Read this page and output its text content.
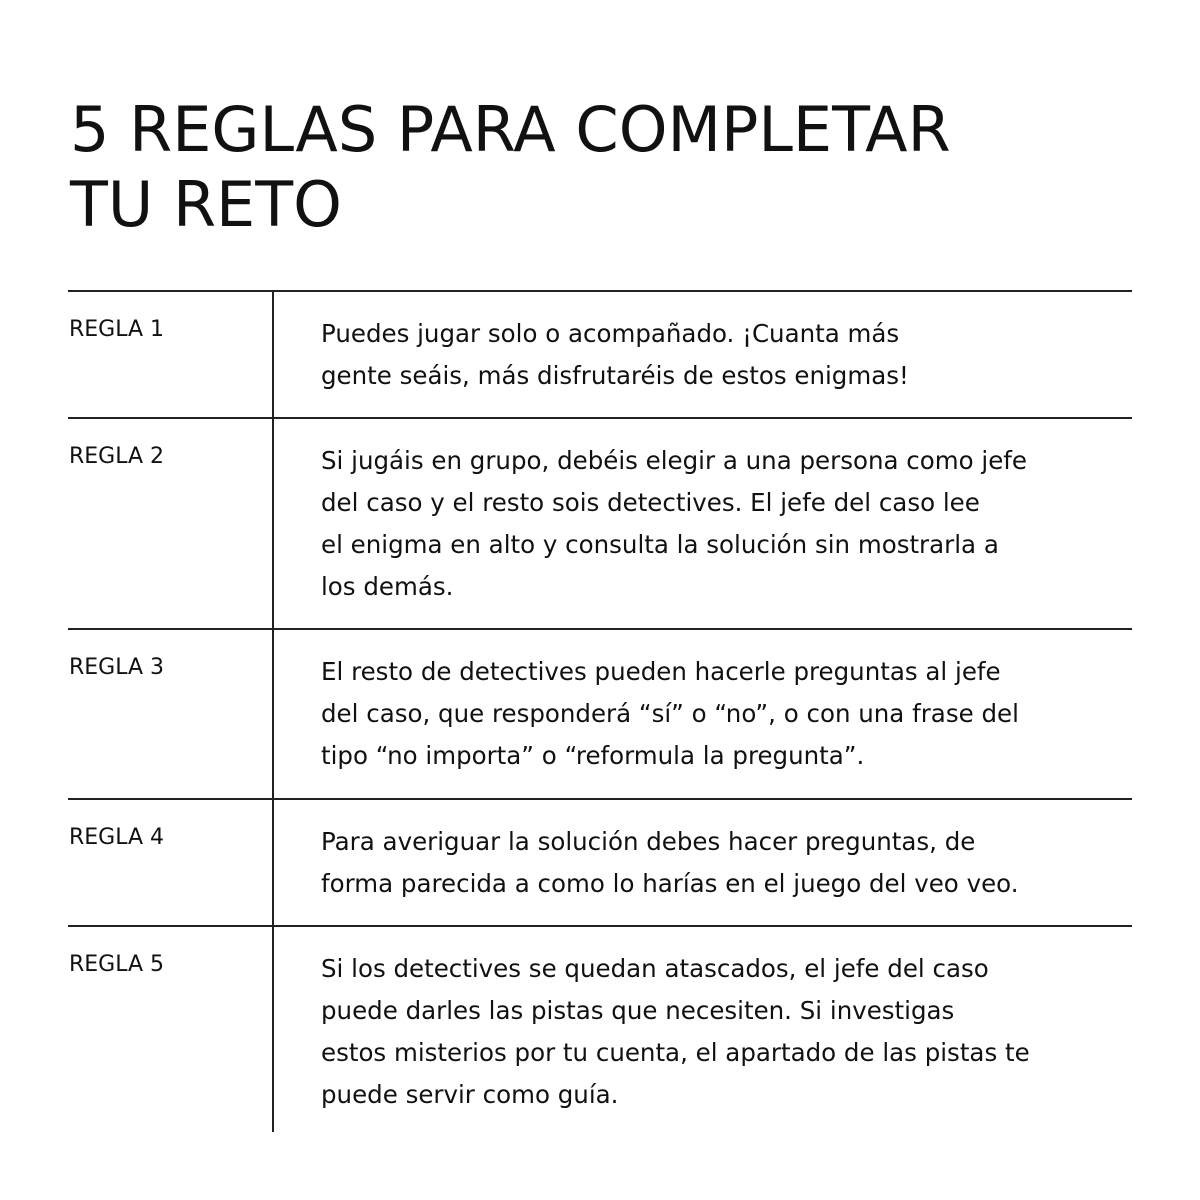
5 REGLAS PARA COMPLETAR
TU RETO
REGLA 1	Puedes jugar solo o acompañado. ¡Cuanta más
gente seáis, más disfrutaréis de estos enigmas!
REGLA 2	Si jugáis en grupo, debéis elegir a una persona como jefe
del caso y el resto sois detectives. El jefe del caso lee
el enigma en alto y consulta la solución sin mostrarla a
los demás.
REGLA 3	El resto de detectives pueden hacerle preguntas al jefe
del caso, que responderá “sí” o “no”, o con una frase del
tipo “no importa” o “reformula la pregunta”.
REGLA 4	Para averiguar la solución debes hacer preguntas, de
forma parecida a como lo harías en el juego del veo veo.
REGLA 5	Si los detectives se quedan atascados, el jefe del caso
puede darles las pistas que necesiten. Si investigas
estos misterios por tu cuenta, el apartado de las pistas te
puede servir como guía.
